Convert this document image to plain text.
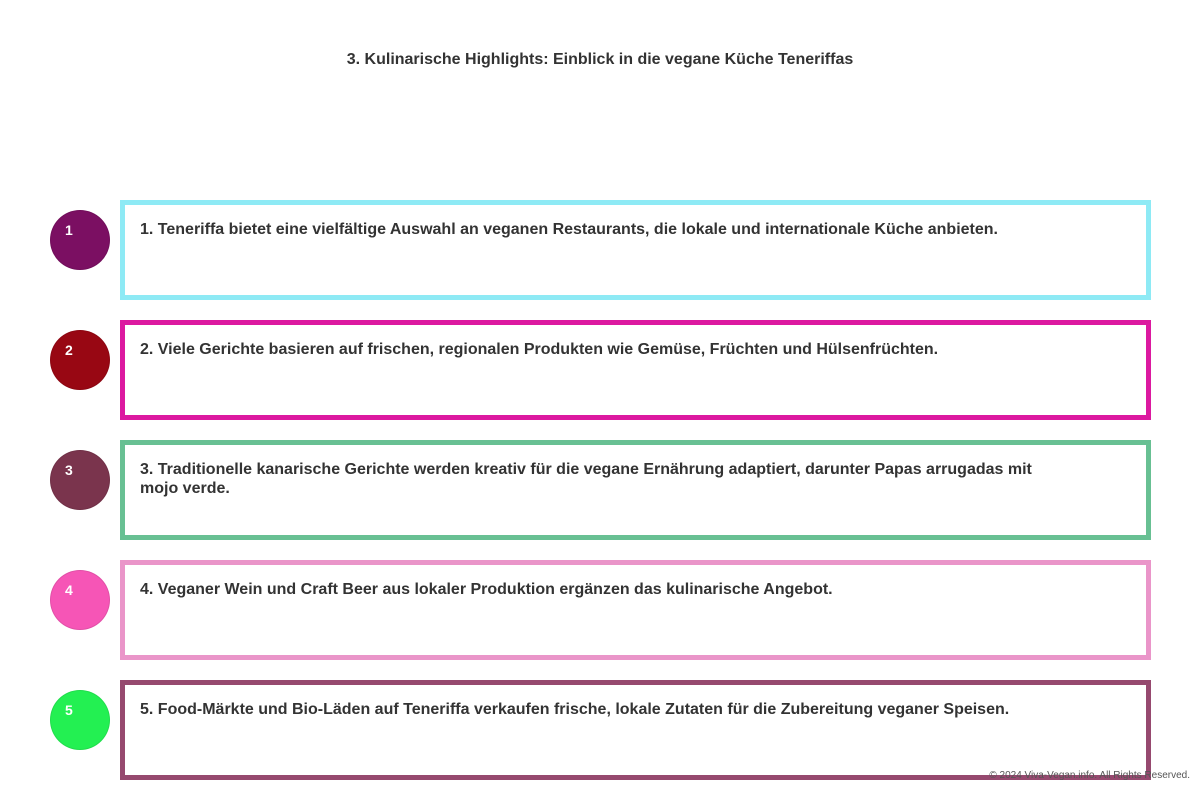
3. Kulinarische Highlights: Einblick in die vegane Küche Teneriffas
1	1. Teneriffa bietet eine vielfältige Auswahl an veganen Restaurants, die lokale und internationale Küche anbieten.
2	2. Viele Gerichte basieren auf frischen, regionalen Produkten wie Gemüse, Früchten und Hülsenfrüchten.
3	3. Traditionelle kanarische Gerichte werden kreativ für die vegane Ernährung adaptiert, darunter Papas arrugadas mit mojo verde.
4	4. Veganer Wein und Craft Beer aus lokaler Produktion ergänzen das kulinarische Angebot.
5	5. Food-Märkte und Bio-Läden auf Teneriffa verkaufen frische, lokale Zutaten für die Zubereitung veganer Speisen.
© 2024 Viva-Vegan.info. All Rights Reserved.
